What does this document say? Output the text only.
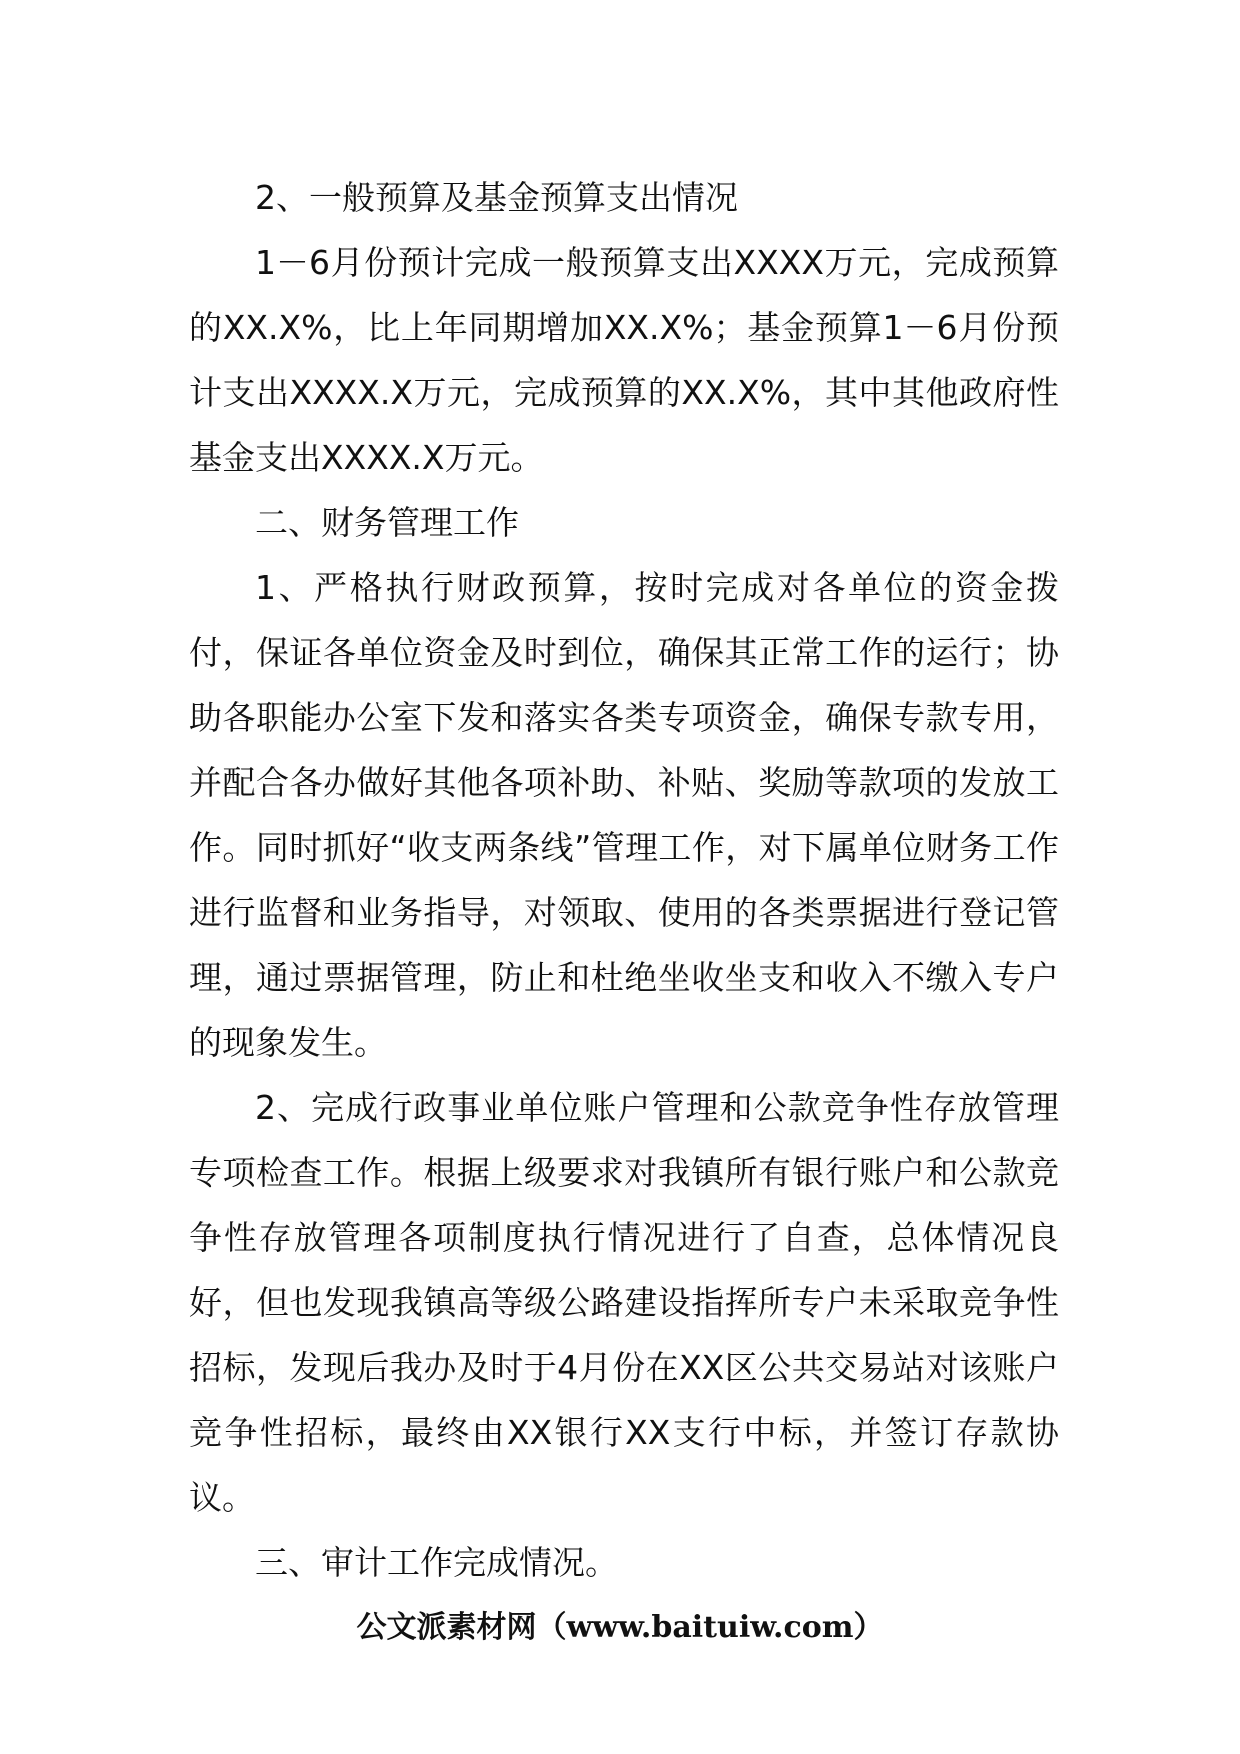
2、一般预算及基金预算支出情况

1－6月份预计完成一般预算支出XXXX万元，完成预算的XX.X%，比上年同期增加XX.X%；基金预算1－6月份预计支出XXXX.X万元，完成预算的XX.X%，其中其他政府性基金支出XXXX.X万元。

二、财务管理工作

1、严格执行财政预算，按时完成对各单位的资金拨付，保证各单位资金及时到位，确保其正常工作的运行；协助各职能办公室下发和落实各类专项资金，确保专款专用，并配合各办做好其他各项补助、补贴、奖励等款项的发放工作。同时抓好“收支两条线”管理工作，对下属单位财务工作进行监督和业务指导，对领取、使用的各类票据进行登记管理，通过票据管理，防止和杜绝坐收坐支和收入不缴入专户的现象发生。

2、完成行政事业单位账户管理和公款竞争性存放管理专项检查工作。根据上级要求对我镇所有银行账户和公款竞争性存放管理各项制度执行情况进行了自查，总体情况良好，但也发现我镇高等级公路建设指挥所专户未采取竞争性招标，发现后我办及时于4月份在XX区公共交易站对该账户竞争性招标，最终由XX银行XX支行中标，并签订存款协议。

三、审计工作完成情况。

公文派素材网（www.baituiw.com）
